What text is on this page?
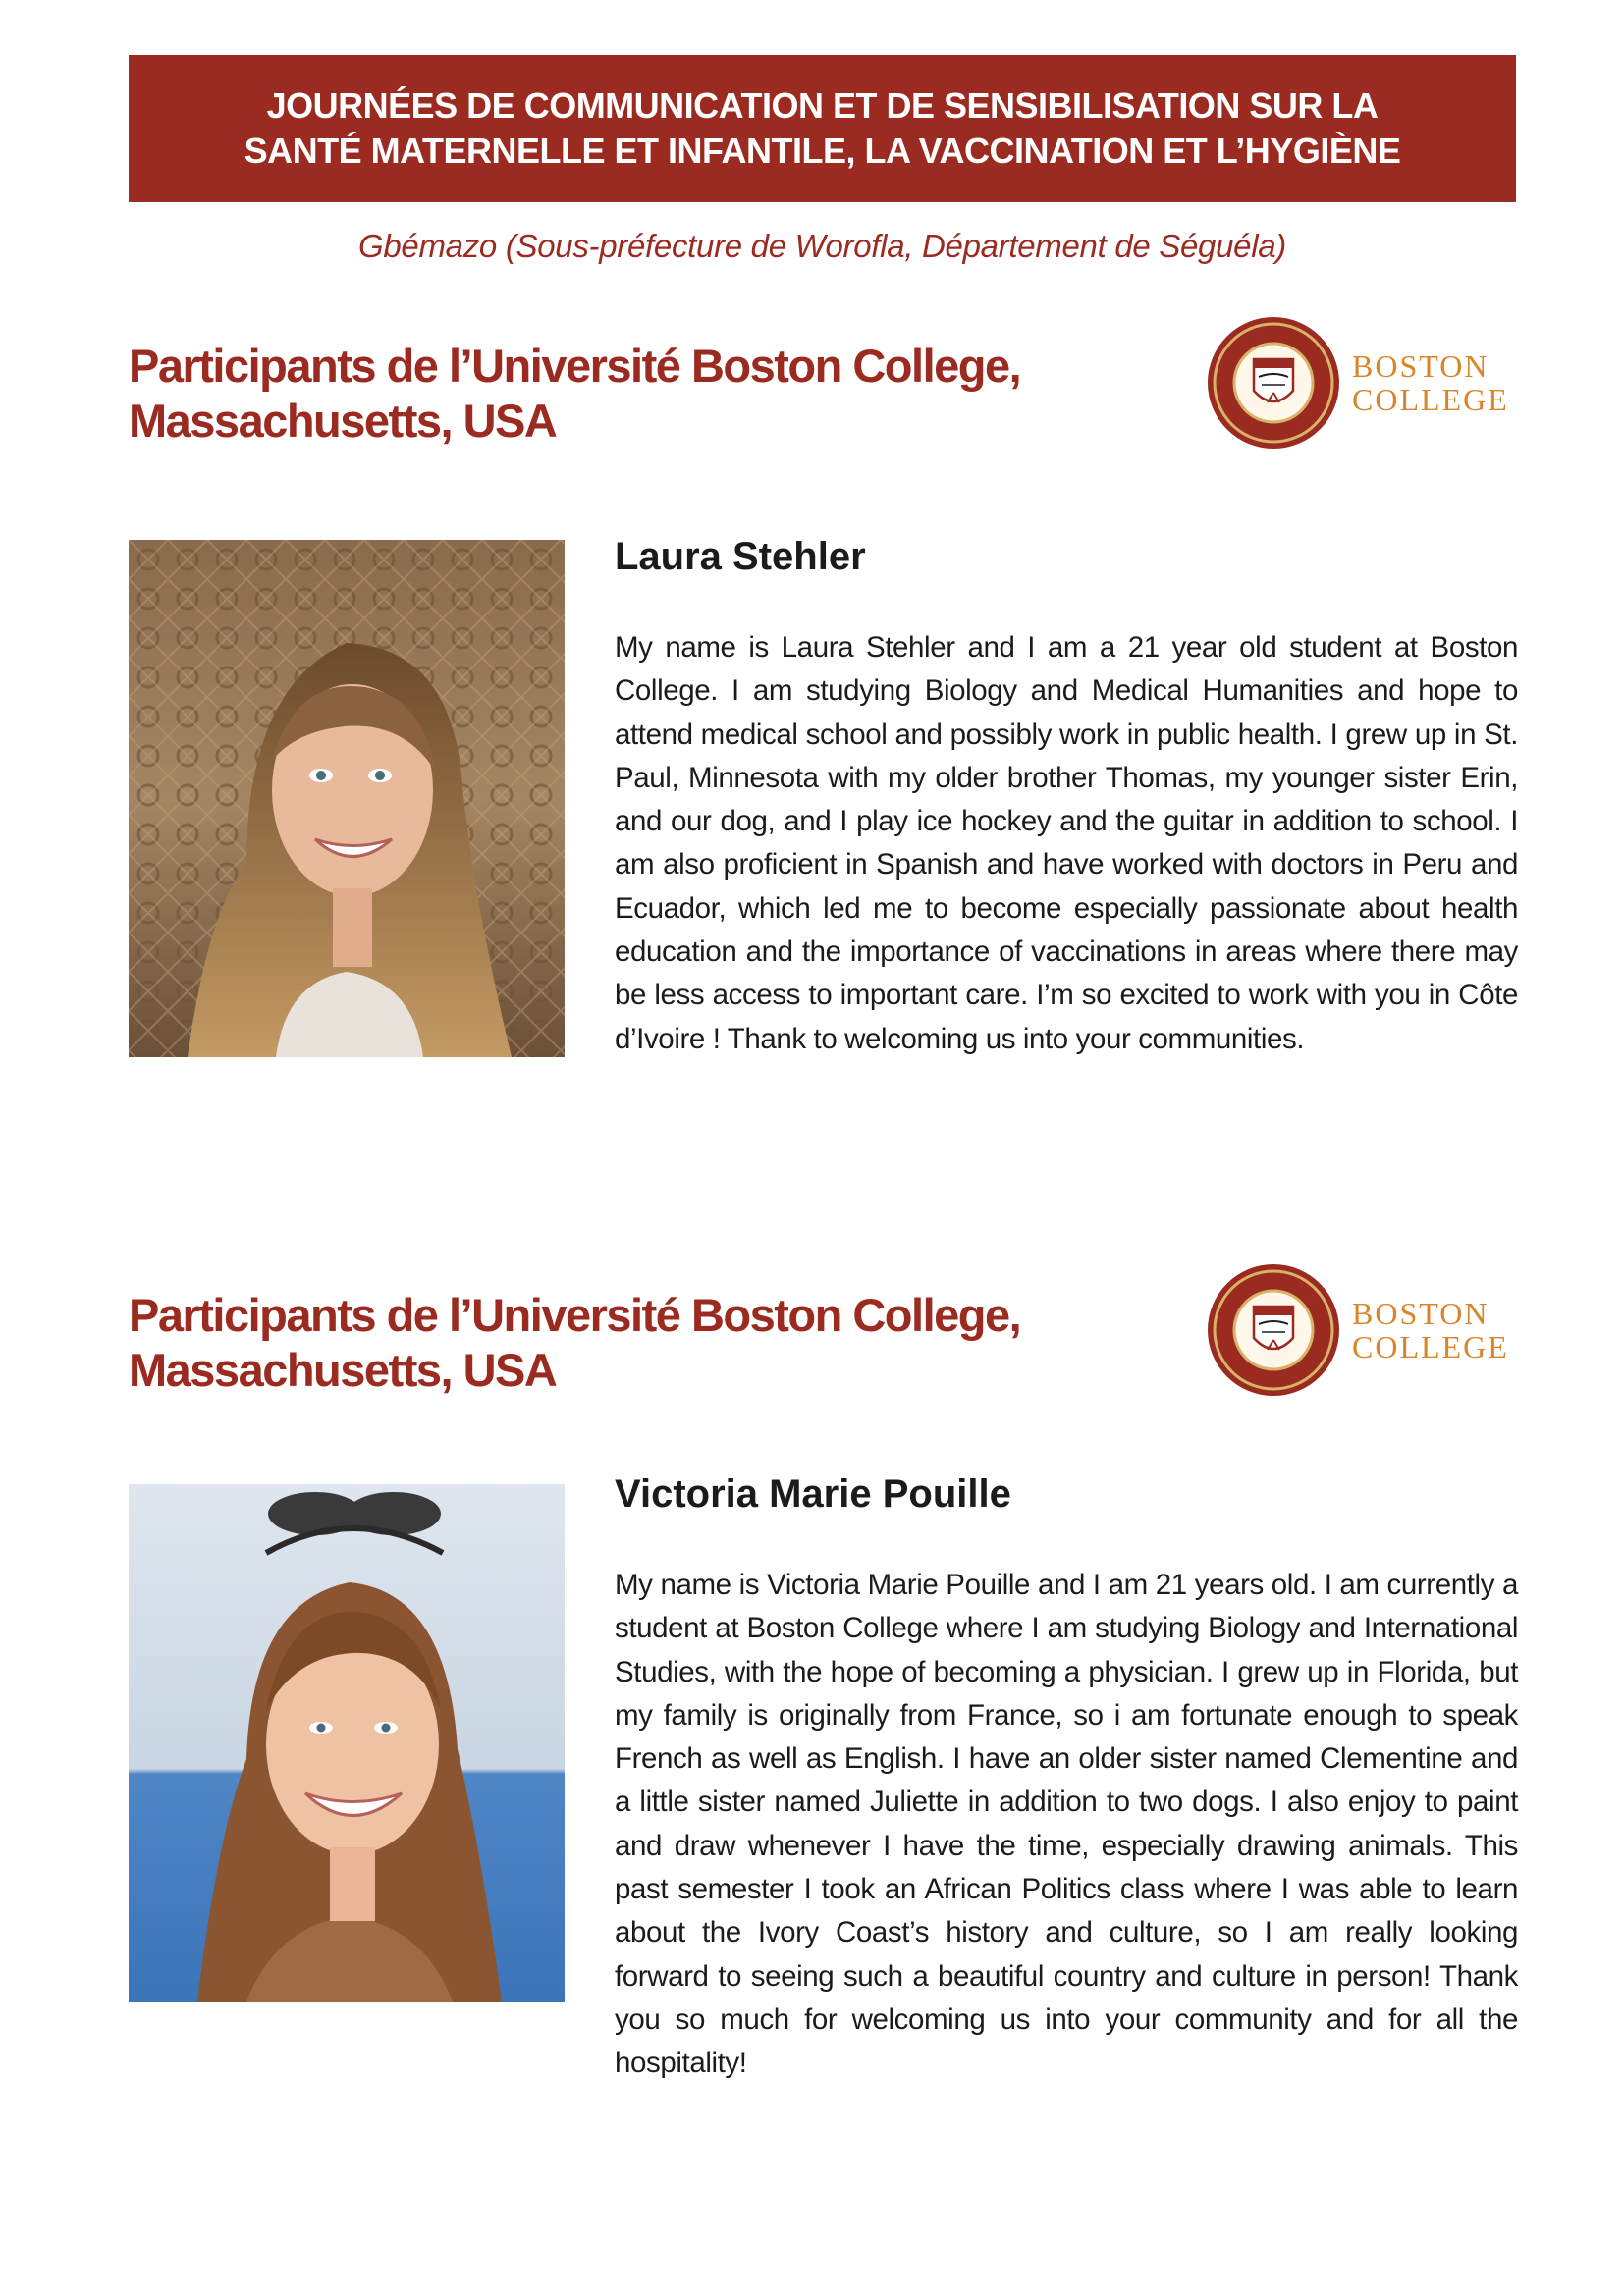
JOURNÉES DE COMMUNICATION ET DE SENSIBILISATION SUR LA
SANTÉ MATERNELLE ET INFANTILE, LA VACCINATION ET L’HYGIÈNE
Gbémazo (Sous-préfecture de Worofla, Département de Séguéla)
Participants de l’Université Boston College,
Massachusetts, USA
BOSTON
COLLEGE
Laura Stehler
My name is Laura Stehler and I am a 21 year old student at Boston College. I am studying Biology and Medical Humanities and hope to attend medical school and possibly work in public health. I grew up in St. Paul, Minnesota with my older brother Thomas, my younger sister Erin, and our dog, and I play ice hockey and the guitar in addition to school. I am also proficient in Spanish and have worked with doctors in Peru and Ecuador, which led me to become especially passionate about health education and the importance of vaccinations in areas where there may be less access to important care. I’m so excited to work with you in Côte d’Ivoire ! Thank to welcoming us into your communities.
Participants de l’Université Boston College,
Massachusetts, USA
BOSTON
COLLEGE
Victoria Marie Pouille
My name is Victoria Marie Pouille and I am 21 years old. I am currently a student at Boston College where I am studying Biology and International Studies, with the hope of becoming a physician. I grew up in Florida, but my family is originally from France, so i am fortunate enough to speak French as well as English. I have an older sister named Clementine and a little sister named Juliette in addition to two dogs. I also enjoy to paint and draw whenever I have the time, especially drawing animals. This past semester I took an African Politics class where I was able to learn about the Ivory Coast’s history and culture, so I am really looking forward to seeing such a beautiful country and culture in person! Thank you so much for welcoming us into your community and for all the hospitality!
